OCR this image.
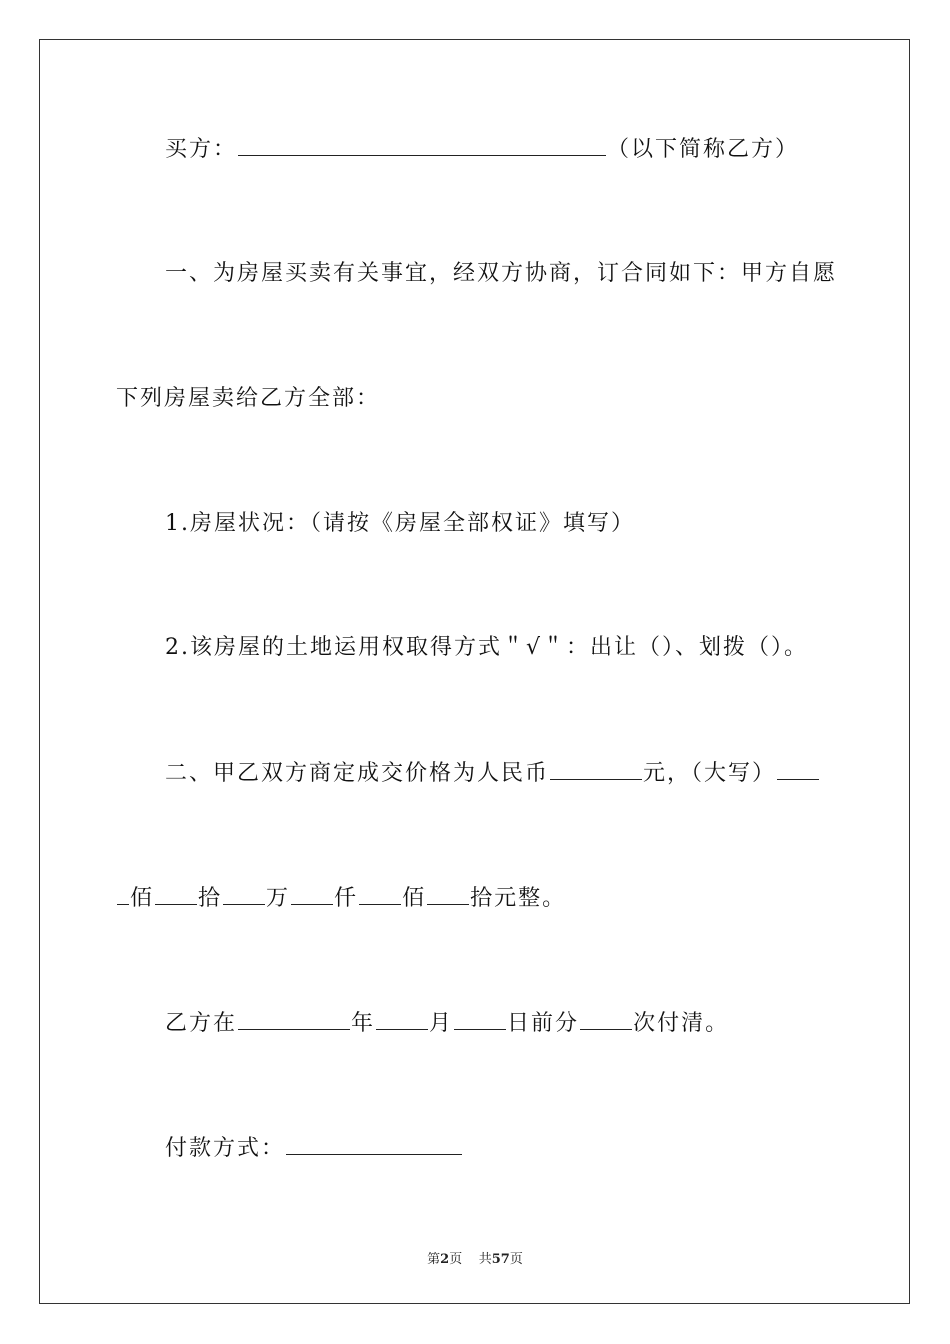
买方：	（以下简称乙方）
一、为房屋买卖有关事宜，经双方协商，订合同如下：甲方自愿
下列房屋卖给乙方全部：
1.房屋状况：（请按《房屋全部权证》填写）
2.该房屋的土地运用权取得方式＂√＂：出让（）、划拨（）。
二、甲乙双方商定成交价格为人民币	元，（大写）
佰 拾 万 仟 佰 拾元整。
乙方在	年 月 日前分 次付清。
付款方式：
第2页 共57页
